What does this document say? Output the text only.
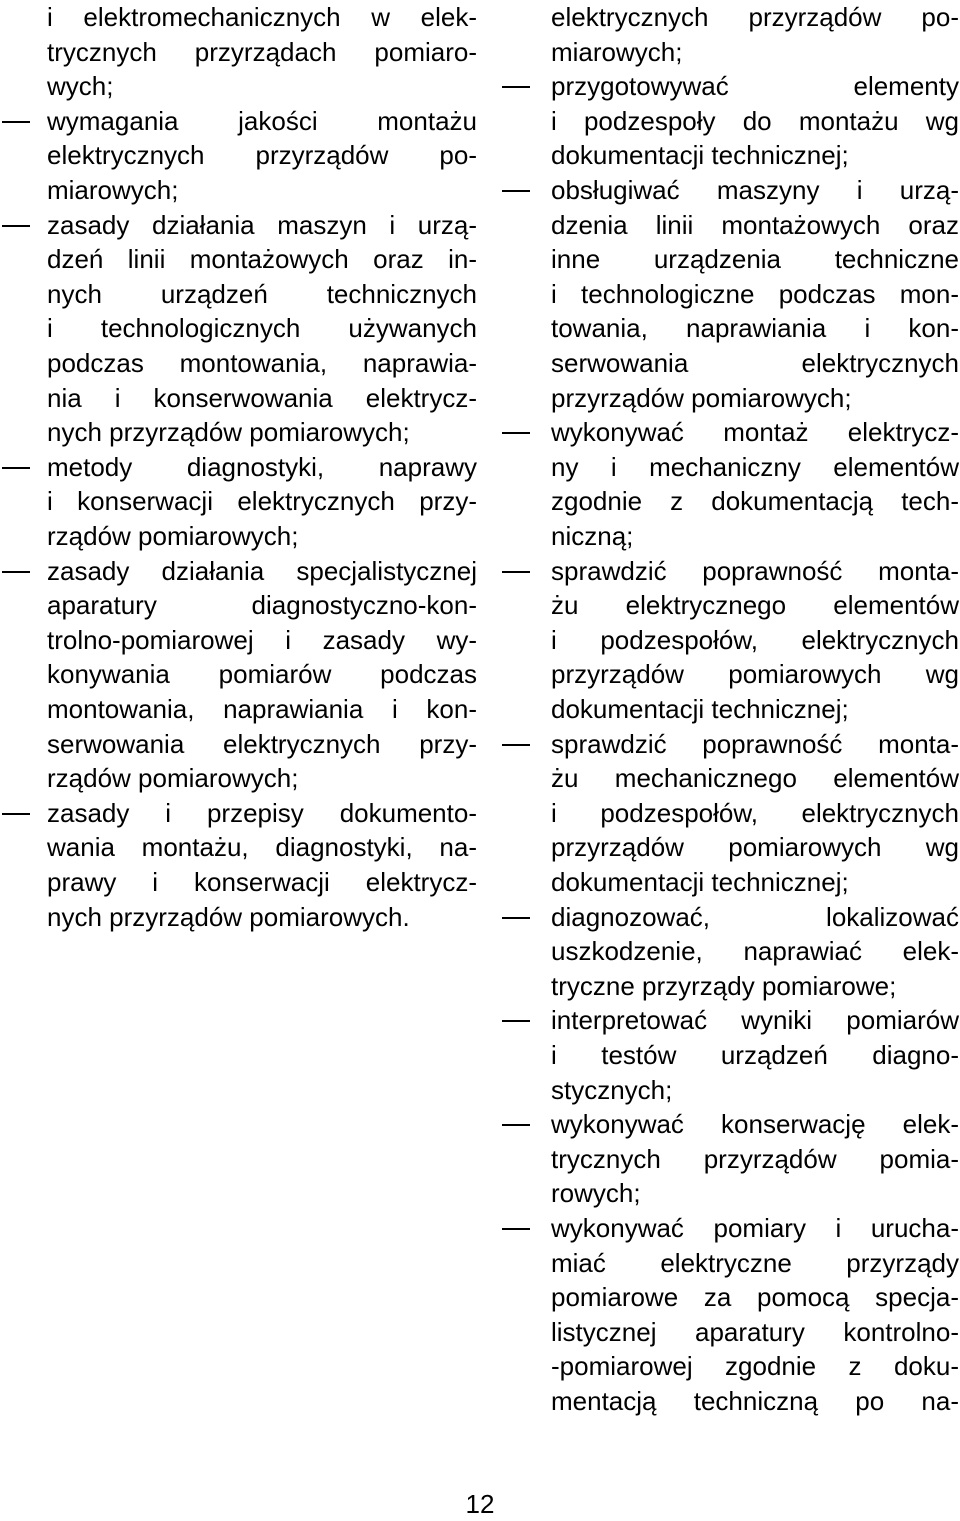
i elektromechanicznych w elek-
trycznych przyrządach pomiaro-
wych;
wymagania jakości montażu
elektrycznych przyrządów po-
miarowych;
zasady działania maszyn i urzą-
dzeń linii montażowych oraz in-
nych urządzeń technicznych
i technologicznych używanych
podczas montowania, naprawia-
nia i konserwowania elektrycz-
nych przyrządów pomiarowych;
metody diagnostyki, naprawy
i konserwacji elektrycznych przy-
rządów pomiarowych;
zasady działania specjalistycznej
aparatury diagnostyczno-kon-
trolno-pomiarowej i zasady wy-
konywania pomiarów podczas
montowania, naprawiania i kon-
serwowania elektrycznych przy-
rządów pomiarowych;
zasady i przepisy dokumento-
wania montażu, diagnostyki, na-
prawy i konserwacji elektrycz-
nych przyrządów pomiarowych.
elektrycznych przyrządów po-
miarowych;
przygotowywać elementy
i podzespoły do montażu wg
dokumentacji technicznej;
obsługiwać maszyny i urzą-
dzenia linii montażowych oraz
inne urządzenia techniczne
i technologiczne podczas mon-
towania, naprawiania i kon-
serwowania elektrycznych
przyrządów pomiarowych;
wykonywać montaż elektrycz-
ny i mechaniczny elementów
zgodnie z dokumentacją tech-
niczną;
sprawdzić poprawność monta-
żu elektrycznego elementów
i podzespołów, elektrycznych
przyrządów pomiarowych wg
dokumentacji technicznej;
sprawdzić poprawność monta-
żu mechanicznego elementów
i podzespołów, elektrycznych
przyrządów pomiarowych wg
dokumentacji technicznej;
diagnozować, lokalizować
uszkodzenie, naprawiać elek-
tryczne przyrządy pomiarowe;
interpretować wyniki pomiarów
i testów urządzeń diagno-
stycznych;
wykonywać konserwację elek-
trycznych przyrządów pomia-
rowych;
wykonywać pomiary i urucha-
miać elektryczne przyrządy
pomiarowe za pomocą specja-
listycznej aparatury kontrolno-
-pomiarowej zgodnie z doku-
mentacją techniczną po na-
12
